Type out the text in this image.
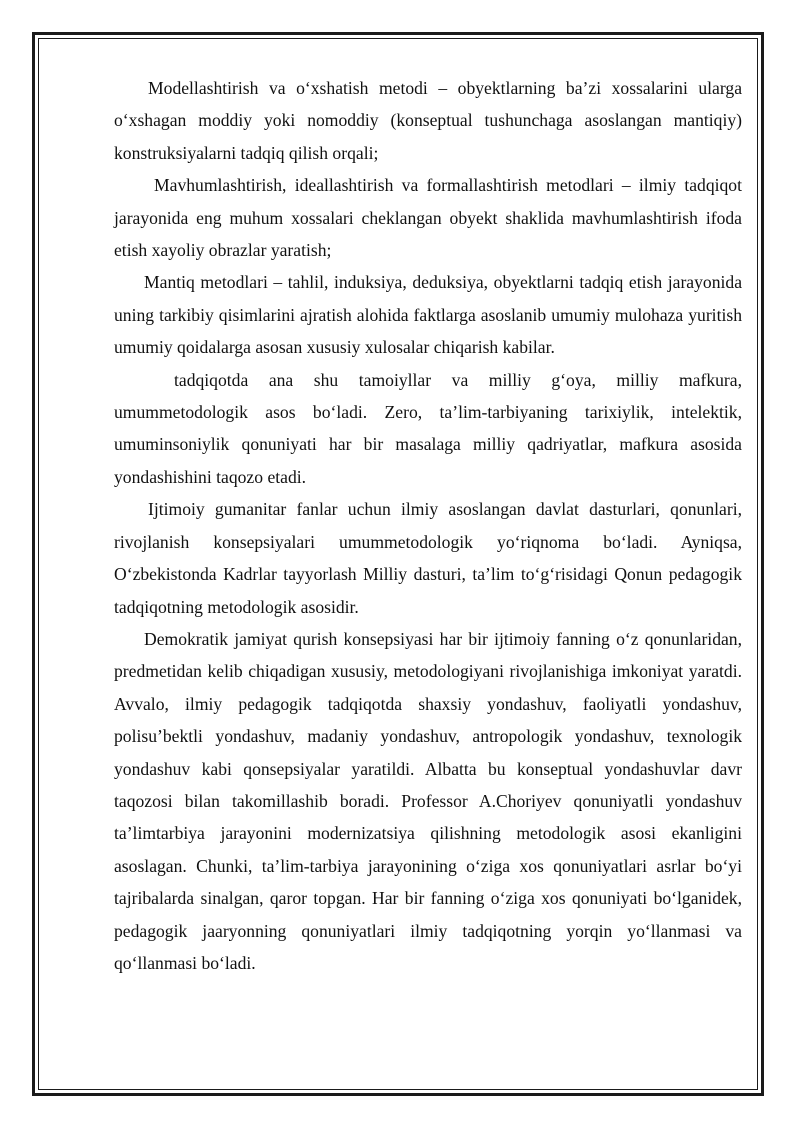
Modellashtirish va o‘xshatish metodi – obyektlarning ba’zi xossalarini ularga o‘xshagan moddiy yoki nomoddiy (konseptual tushunchaga asoslangan mantiqiy) konstruksiyalarni tadqiq qilish orqali;

Mavhumlashtirish, ideallashtirish va formallashtirish metodlari – ilmiy tadqiqot jarayonida eng muhum xossalari cheklangan obyekt shaklida mavhumlashtirish ifoda etish xayoliy obrazlar yaratish;

Mantiq metodlari – tahlil, induksiya, deduksiya, obyektlarni tadqiq etish jarayonida uning tarkibiy qisimlarini ajratish alohida faktlarga asoslanib umumiy mulohaza yuritish umumiy qoidalarga asosan xususiy xulosalar chiqarish kabilar.

tadqiqotda ana shu tamoiyllar va milliy g‘oya, milliy mafkura, umummetodologik asos bo‘ladi. Zero, ta’lim-tarbiyaning tarixiylik, intelektik, umuminsoniylik qonuniyati har bir masalaga milliy qadriyatlar, mafkura asosida yondashishini taqozo etadi.

Ijtimoiy gumanitar fanlar uchun ilmiy asoslangan davlat dasturlari, qonunlari, rivojlanish konsepsiyalari umummetodologik yo‘riqnoma bo‘ladi. Ayniqsa, O‘zbekistonda Kadrlar tayyorlash Milliy dasturi, ta’lim to‘g‘risidagi Qonun pedagogik tadqiqotning metodologik asosidir.

Demokratik jamiyat qurish konsepsiyasi har bir ijtimoiy fanning o‘z qonunlaridan, predmetidan kelib chiqadigan xususiy, metodologiyani rivojlanishiga imkoniyat yaratdi. Avvalo, ilmiy pedagogik tadqiqotda shaxsiy yondashuv, faoliyatli yondashuv, polisu’bektli yondashuv, madaniy yondashuv, antropologik yondashuv, texnologik yondashuv kabi qonsepsiyalar yaratildi. Albatta bu konseptual yondashuvlar davr taqozosi bilan takomillashib boradi. Professor A.Choriyev qonuniyatli yondashuv ta’limtarbiya jarayonini modernizatsiya qilishning metodologik asosi ekanligini asoslagan. Chunki, ta’lim-tarbiya jarayonining o‘ziga xos qonuniyatlari asrlar bo‘yi tajribalarda sinalgan, qaror topgan. Har bir fanning o‘ziga xos qonuniyati bo‘lganidek, pedagogik jaaryonning qonuniyatlari ilmiy tadqiqotning yorqin yo‘llanmasi va qo‘llanmasi bo‘ladi.
